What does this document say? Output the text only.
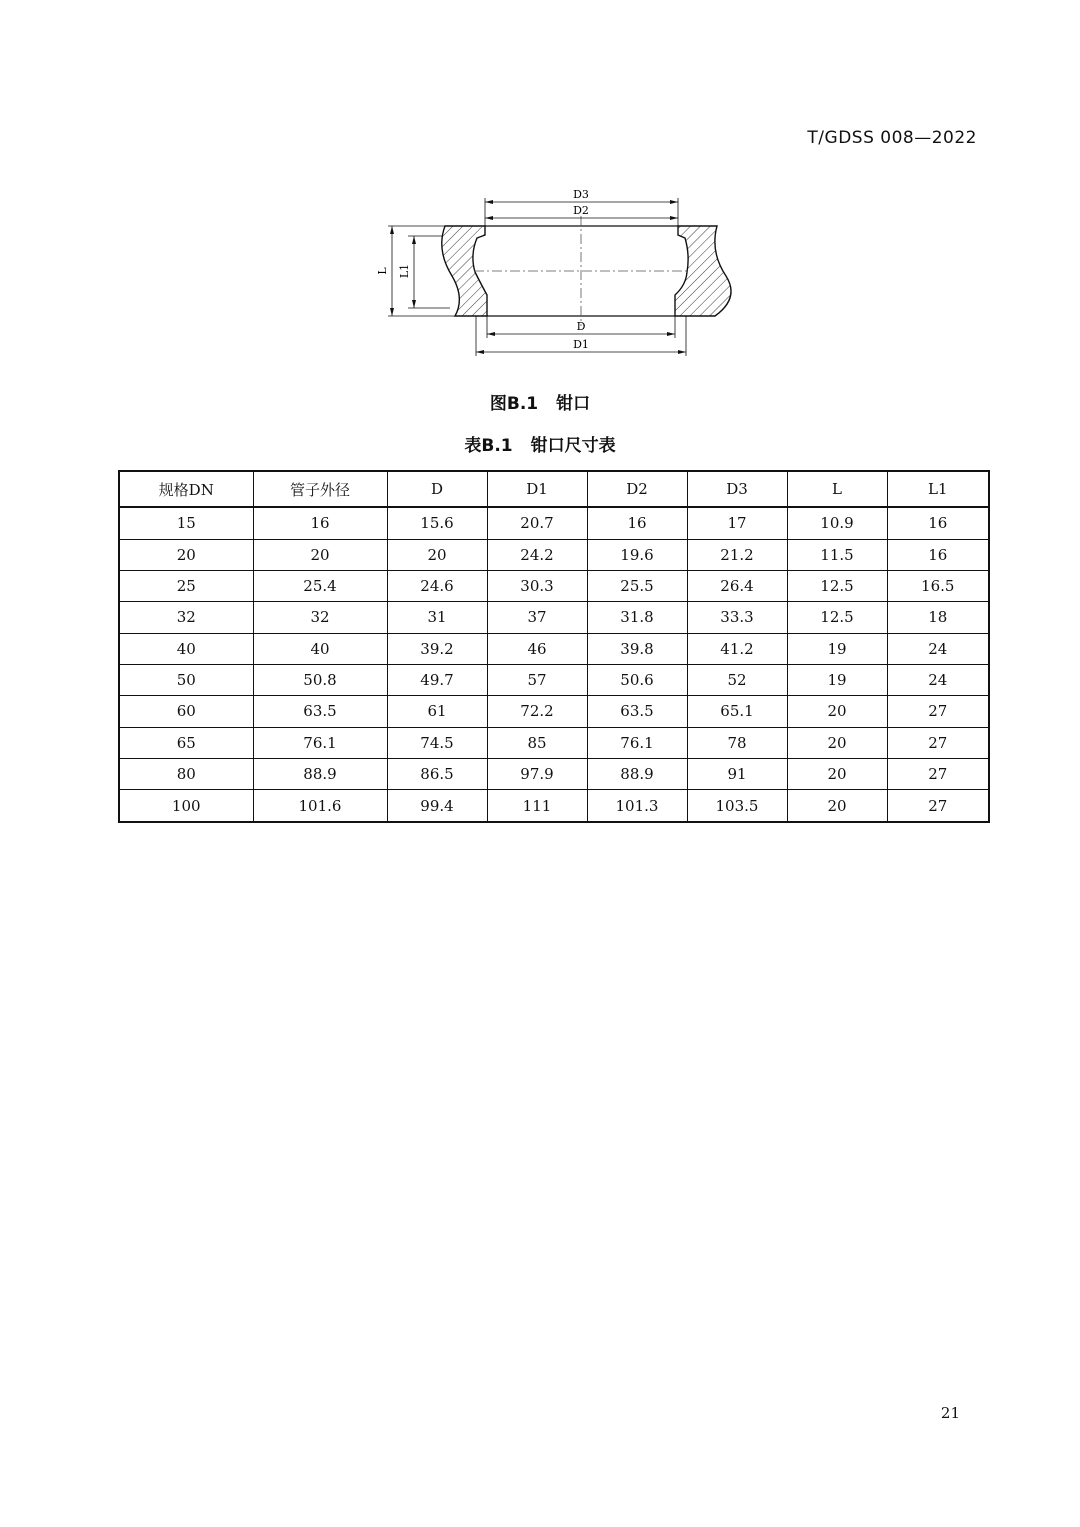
T/GDSS 008—2022
D3
D2
D
D1
L L1
图B.1 钳口
表B.1 钳口尺寸表
规格DN	管子外径	D	D1	D2	D3	L	L1
15	16	15.6	20.7	16	17	10.9	16
20	20	20	24.2	19.6	21.2	11.5	16
25	25.4	24.6	30.3	25.5	26.4	12.5	16.5
32	32	31	37	31.8	33.3	12.5	18
40	40	39.2	46	39.8	41.2	19	24
50	50.8	49.7	57	50.6	52	19	24
60	63.5	61	72.2	63.5	65.1	20	27
65	76.1	74.5	85	76.1	78	20	27
80	88.9	86.5	97.9	88.9	91	20	27
100	101.6	99.4	111	101.3	103.5	20	27
21
